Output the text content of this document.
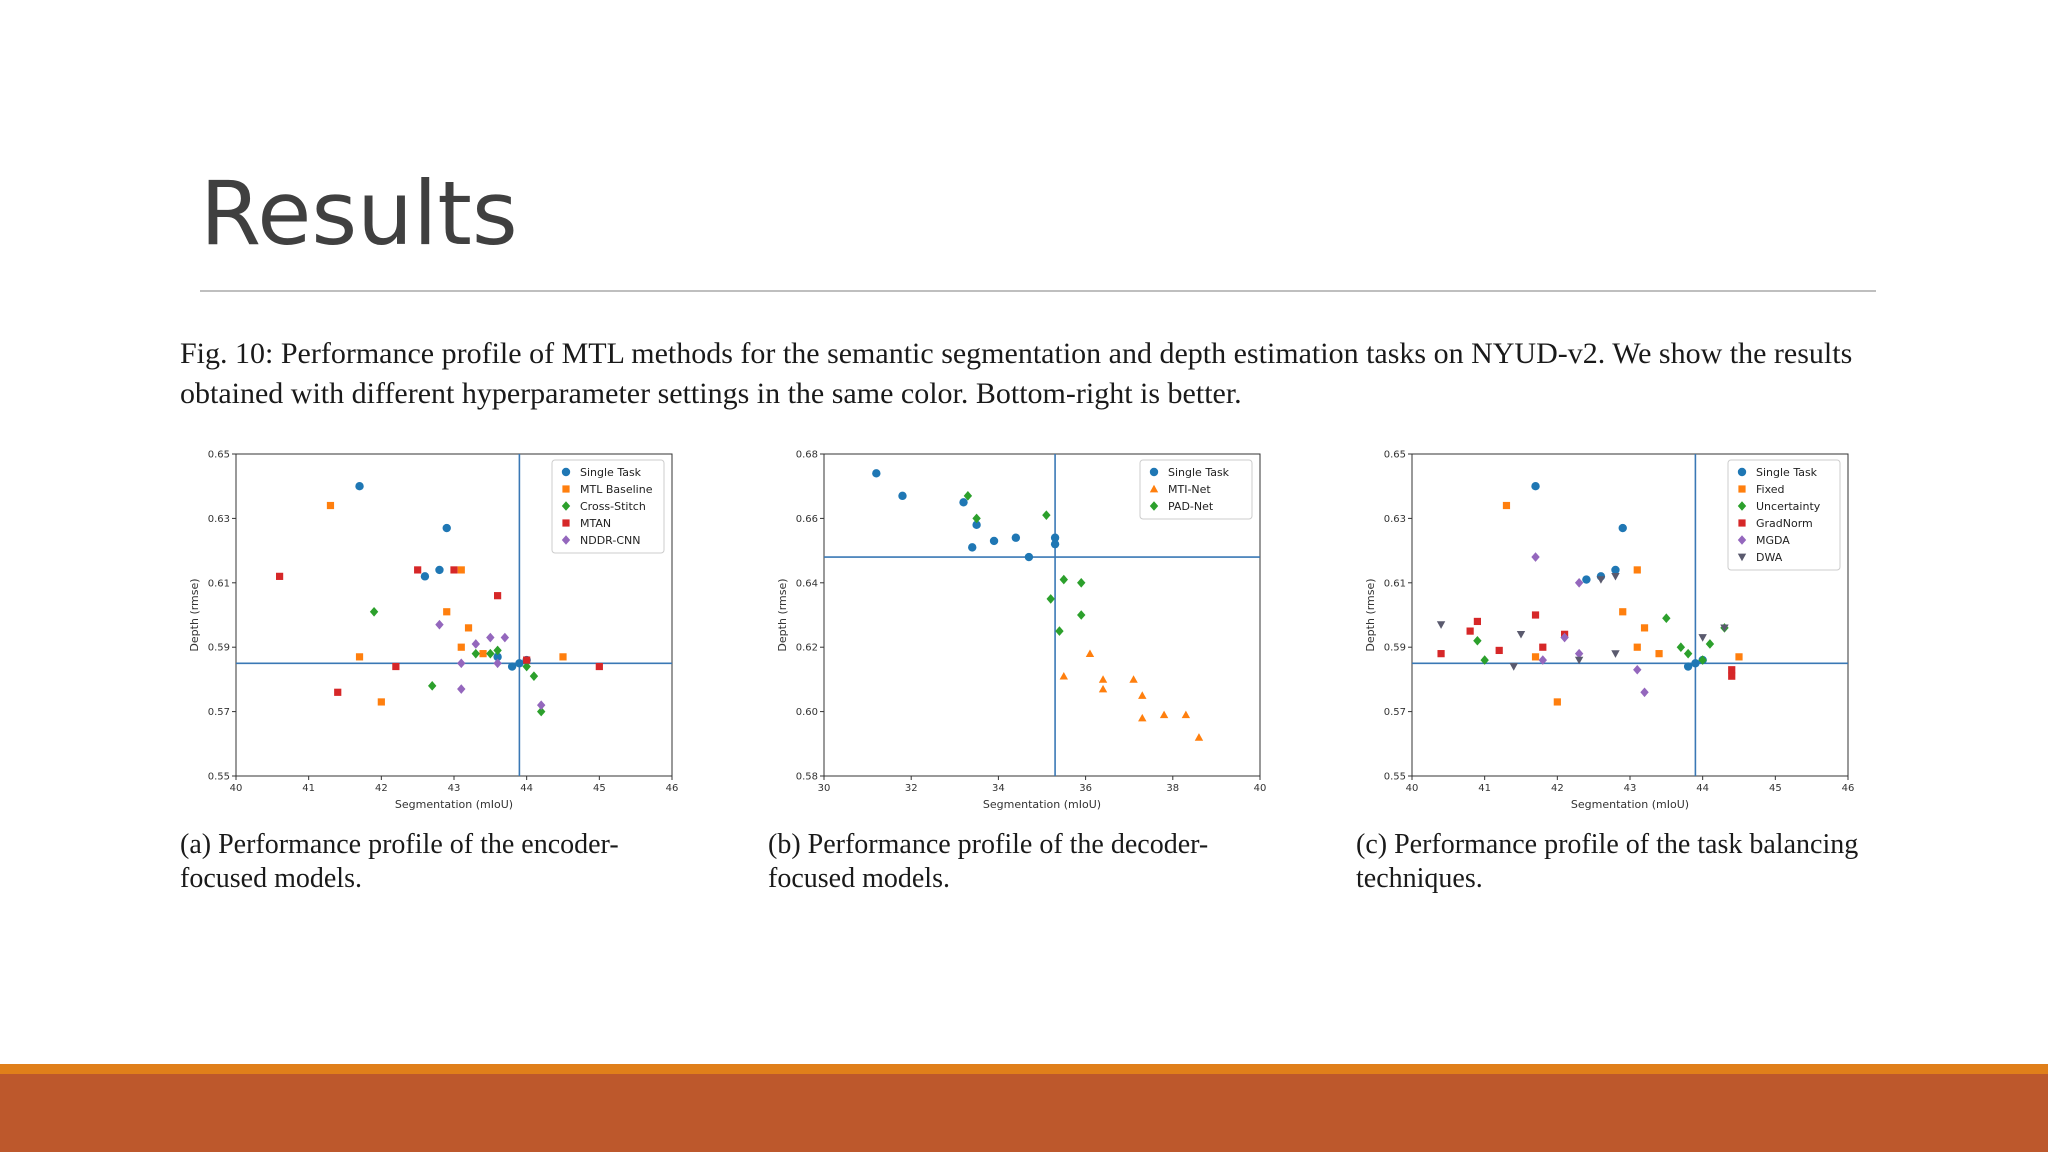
Results

Fig. 10: Performance profile of MTL methods for the semantic segmentation and depth estimation tasks on NYUD-v2. We show the results obtained with different hyperparameter settings in the same color. Bottom-right is better.

40	41	42	43	44	45	46
0.55
0.57
0.59
0.61
0.63
0.65
Segmentation (mIoU)
Depth (rmse)
Single Task
MTL Baseline
Cross-Stitch
MTAN
NDDR-CNN

(a) Performance profile of the encoder-focused models.

30	32	34	36	38	40
0.58
0.60
0.62
0.64
0.66
0.68
Segmentation (mIoU)
Depth (rmse)
Single Task
MTI-Net
PAD-Net

(b) Performance profile of the decoder-focused models.

40	41	42	43	44	45	46
0.55
0.57
0.59
0.61
0.63
0.65
Segmentation (mIoU)
Depth (rmse)
Single Task
Fixed
Uncertainty
GradNorm
MGDA
DWA

(c) Performance profile of the task balancing techniques.
